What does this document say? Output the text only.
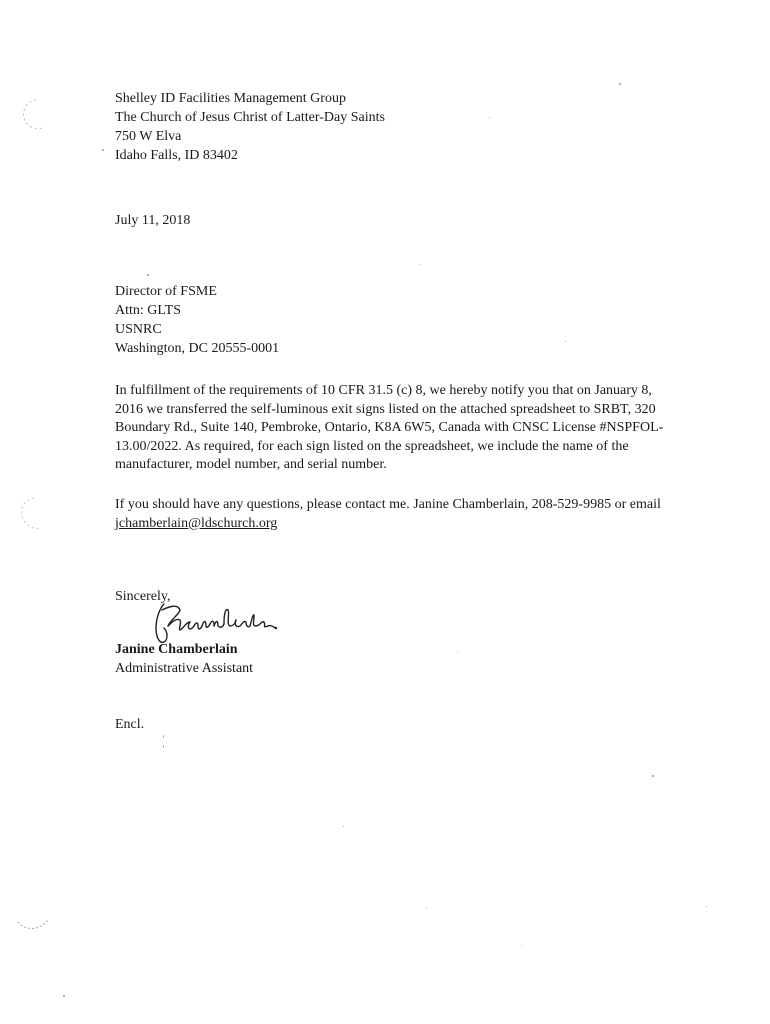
Shelley ID Facilities Management Group
The Church of Jesus Christ of Latter-Day Saints
750 W Elva
Idaho Falls, ID 83402
July 11, 2018
Director of FSME
Attn: GLTS
USNRC
Washington, DC 20555-0001
In fulfillment of the requirements of 10 CFR 31.5 (c) 8, we hereby notify you that on January 8,
2016 we transferred the self-luminous exit signs listed on the attached spreadsheet to SRBT, 320
Boundary Rd., Suite 140, Pembroke, Ontario, K8A 6W5, Canada with CNSC License #NSPFOL-
13.00/2022. As required, for each sign listed on the spreadsheet, we include the name of the
manufacturer, model number, and serial number.
If you should have any questions, please contact me. Janine Chamberlain, 208-529-9985 or email
jchamberlain@ldschurch.org
Sincerely,
Janine Chamberlain
Administrative Assistant
Encl.
